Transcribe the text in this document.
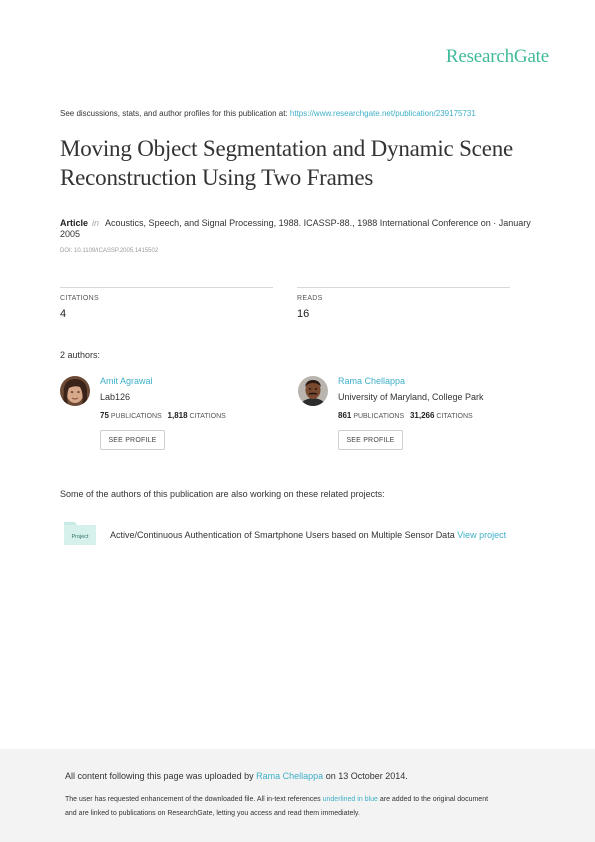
ResearchGate
See discussions, stats, and author profiles for this publication at: https://www.researchgate.net/publication/239175731
Moving Object Segmentation and Dynamic Scene Reconstruction Using Two Frames
Article in Acoustics, Speech, and Signal Processing, 1988. ICASSP-88., 1988 International Conference on · January 2005
DOI: 10.1109/ICASSP.2005.1415502
CITATIONS
4
READS
16
2 authors:
Amit Agrawal
Lab126
75 PUBLICATIONS 1,818 CITATIONS
SEE PROFILE
Rama Chellappa
University of Maryland, College Park
861 PUBLICATIONS 31,266 CITATIONS
SEE PROFILE
Some of the authors of this publication are also working on these related projects:
Project Active/Continuous Authentication of Smartphone Users based on Multiple Sensor Data View project
All content following this page was uploaded by Rama Chellappa on 13 October 2014.
The user has requested enhancement of the downloaded file. All in-text references underlined in blue are added to the original document
and are linked to publications on ResearchGate, letting you access and read them immediately.
